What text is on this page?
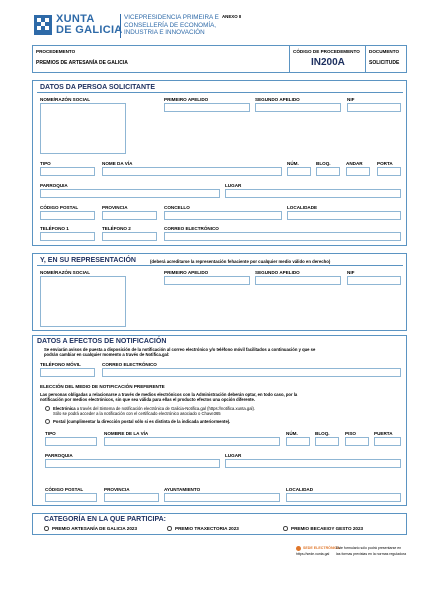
XUNTA
DE GALICIA
VICEPRESIDENCIA PRIMEIRA E
CONSELLERÍA DE ECONOMÍA,
INDUSTRIA E INNOVACIÓN
ANEXO II
PROCEDEMENTO
PREMIOS DE ARTESANÍA DE GALICIA
CÓDIGO DE PROCEDEMENTO
IN200A
DOCUMENTO
SOLICITUDE
DATOS DA PERSOA SOLICITANTE
NOME/RAZÓN SOCIAL	PRIMEIRO APELIDO	SEGUNDO APELIDO	NIF
TIPO	NOME DA VÍA	NÚM.	BLOQ.	ANDAR	PORTA
PARROQUIA	LUGAR
CÓDIGO POSTAL	PROVINCIA	CONCELLO	LOCALIDADE
TELÉFONO 1	TELÉFONO 2	CORREO ELECTRÓNICO
Y, EN SU REPRESENTACIÓN	(deberá acreditarse la representación fehaciente por cualquier medio válido en derecho)
NOME/RAZÓN SOCIAL	PRIMEIRO APELIDO	SEGUNDO APELIDO	NIF
DATOS A EFECTOS DE NOTIFICACIÓN
Se enviarán avisos de puesta a disposición de la notificación al correo electrónico y/o teléfono móvil facilitados a continuación y que se
podrán cambiar en cualquier momento a través de Notifica.gal:
TELÉFONO MÓVIL	CORREO ELECTRÓNICO
ELECCIÓN DEL MEDIO DE NOTIFICACIÓN PREFERENTE
Las personas obligadas a relacionarse a través de medios electrónicos con la Administración deberán optar, en todo caso, por la
notificación por medios electrónicos, sin que sea válida para ellas el producto efectos una opción diferente.
Electrónica a través del Sistema de notificación electrónica de Galicia-Notifica.gal (https://notifica.xunta.gal).
Sólo se podrá acceder a la notificación con el certificado electrónico asociado o Chave365
Postal (cumplimentar la dirección postal sólo si es distinta de la indicada anteriormente).
TIPO	NOMBRE DE LA VÍA	NÚM.	BLOQ.	PISO	PUERTA
PARROQUIA	LUGAR
CÓDIGO POSTAL	PROVINCIA	AYUNTAMIENTO	LOCALIDAD
CATEGORÍA EN LA QUE PARTICIPA:
PREMIO ARTESANÍA DE GALICIA 2023	PREMIO TRAXECTORIA 2023	PREMIO BECAEIOY GESTO 2023
SEDE ELECTRÓNICA
Este formulario sólo podrá presentarse en
https://sede.xunta.gal las formas previstas en la normas reguladora
